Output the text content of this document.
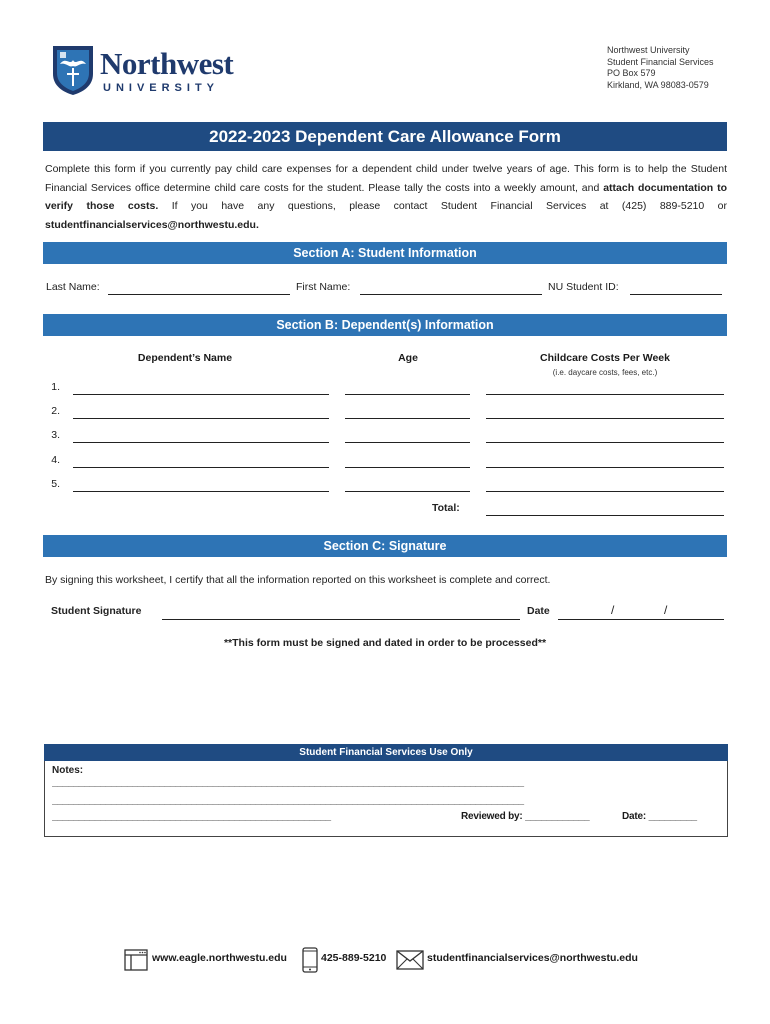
Northwest
UNIVERSITY
Northwest University
Student Financial Services
PO Box 579
Kirkland, WA 98083-0579
2022-2023 Dependent Care Allowance Form
Complete this form if you currently pay child care expenses for a dependent child under twelve years of age. This form is to help the Student Financial Services office determine child care costs for the student. Please tally the costs into a weekly amount, and attach documentation to verify those costs. If you have any questions, please contact Student Financial Services at (425) 889-5210 or studentfinancialservices@northwestu.edu.
Section A: Student Information
Last Name:	First Name:	NU Student ID:
Section B: Dependent(s) Information
Dependent’s Name	Age	Childcare Costs Per Week
(i.e. daycare costs, fees, etc.)
1.
2.
3.
4.
5.
Total:
Section C: Signature
By signing this worksheet, I certify that all the information reported on this worksheet is complete and correct.
Student Signature	Date	/	/
**This form must be signed and dated in order to be processed**
Student Financial Services Use Only
Notes:
________________________________________________________________________________________
________________________________________________________________________________________
____________________________________________________	Reviewed by: ____________	Date: _________
www.eagle.northwestu.edu	425-889-5210	studentfinancialservices@northwestu.edu
